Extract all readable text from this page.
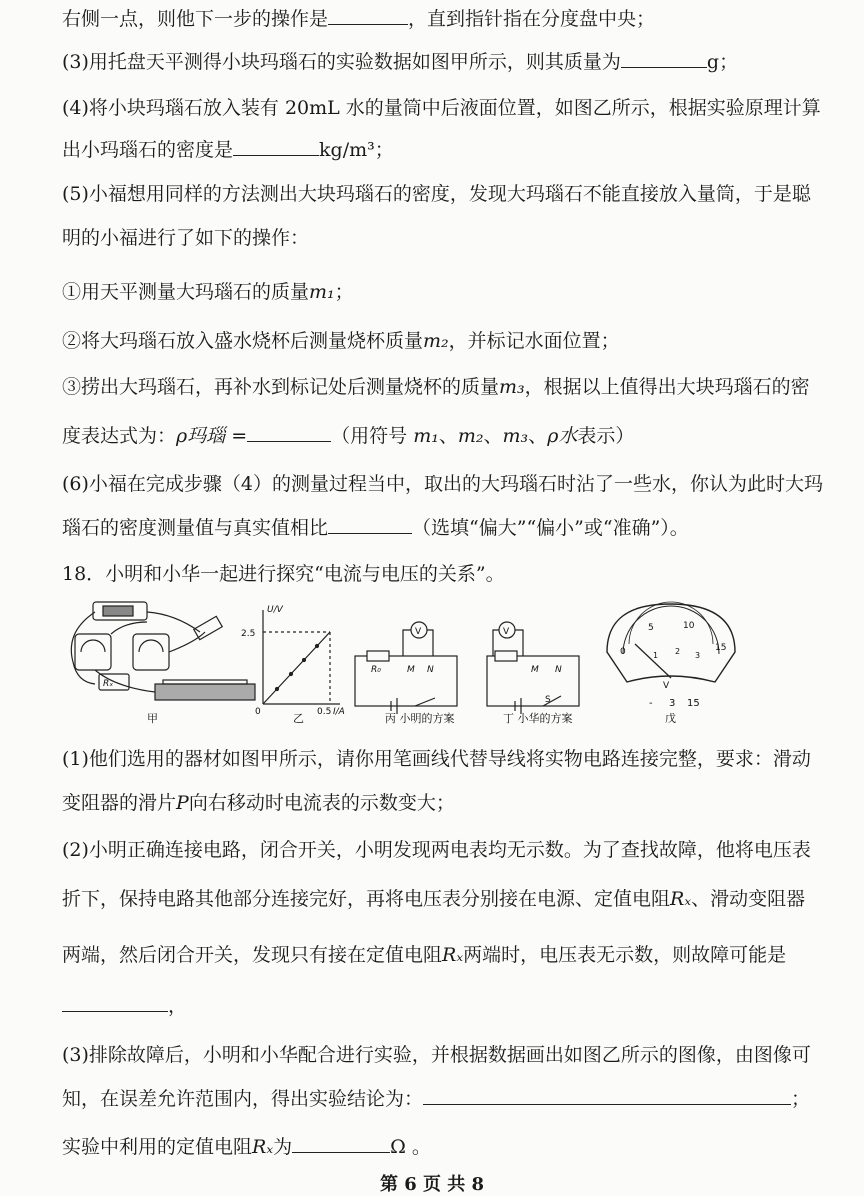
右侧一点，则他下一步的操作是	，直到指针指在分度盘中央；
(3)用托盘天平测得小块玛瑙石的实验数据如图甲所示，则其质量为	g；
(4)将小块玛瑙石放入装有 20mL 水的量筒中后液面位置，如图乙所示，根据实验原理计算
出小玛瑙石的密度是	kg/m³；
(5)小福想用同样的方法测出大块玛瑙石的密度，发现大玛瑙石不能直接放入量筒，于是聪
明的小福进行了如下的操作：
①用天平测量大玛瑙石的质量m₁；
②将大玛瑙石放入盛水烧杯后测量烧杯质量m₂，并标记水面位置；
③捞出大玛瑙石，再补水到标记处后测量烧杯的质量m₃，根据以上值得出大块玛瑙石的密
度表达式为：ρ玛瑙 =	（用符号 m₁、m₂、m₃、ρ水表示）
(6)小福在完成步骤（4）的测量过程当中，取出的大玛瑙石时沾了一些水，你认为此时大玛
瑙石的密度测量值与真实值相比	（选填“偏大”“偏小”或“准确”）。
18．小明和小华一起进行探究“电流与电压的关系”。
甲
Rₓ
乙
U/V
I/A
2.5
0.5
0	丙 小明的方案
V
R₀	M N
丁 小华的方案
V
M N
S
戊
0
5	10
15
1 2 3
V
- 3 15
(1)他们选用的器材如图甲所示，请你用笔画线代替导线将实物电路连接完整，要求：滑动
变阻器的滑片P向右移动时电流表的示数变大；
(2)小明正确连接电路，闭合开关，小明发现两电表均无示数。为了查找故障，他将电压表
折下，保持电路其他部分连接完好，再将电压表分别接在电源、定值电阻Rₓ、滑动变阻器
两端，然后闭合开关，发现只有接在定值电阻Rₓ两端时，电压表无示数，则故障可能是
，
(3)排除故障后，小明和小华配合进行实验，并根据数据画出如图乙所示的图像，由图像可
知，在误差允许范围内，得出实验结论为：	；
实验中利用的定值电阻Rₓ为	Ω 。
第 6 页 共 8
